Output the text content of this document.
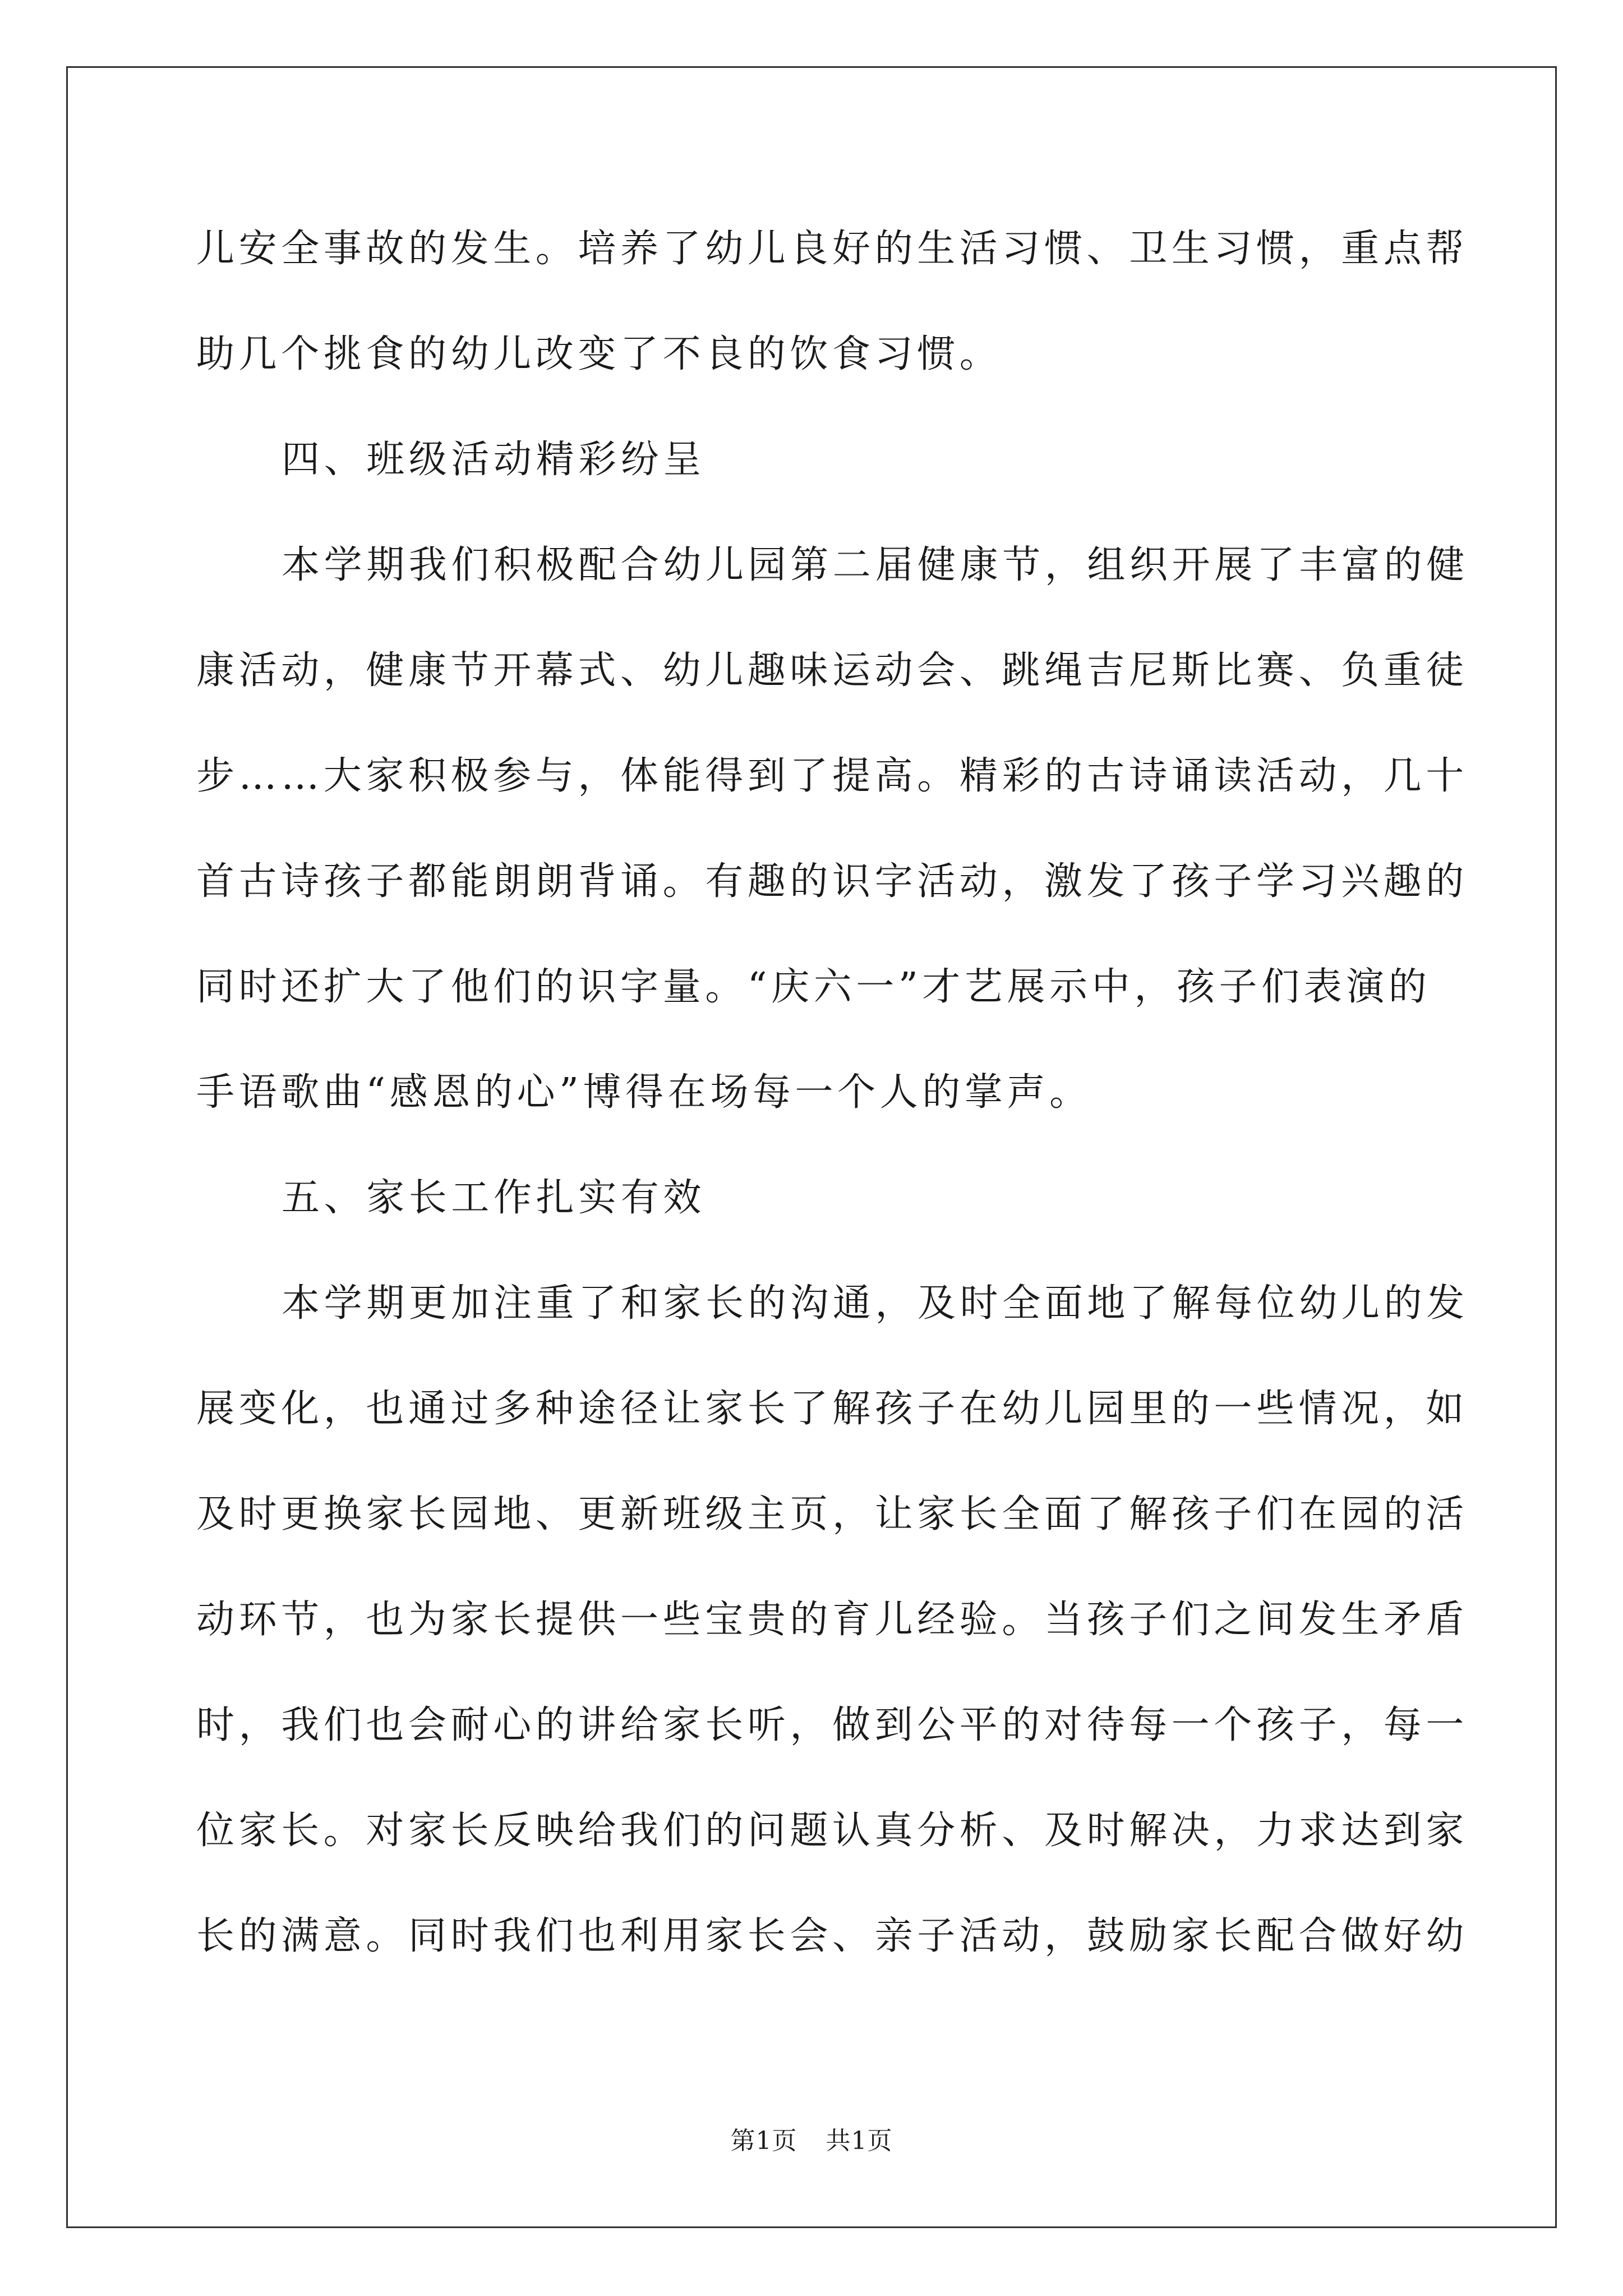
儿安全事故的发生。培养了幼儿良好的生活习惯、卫生习惯，重点帮
助几个挑食的幼儿改变了不良的饮食习惯。
四、班级活动精彩纷呈
本学期我们积极配合幼儿园第二届健康节，组织开展了丰富的健
康活动，健康节开幕式、幼儿趣味运动会、跳绳吉尼斯比赛、负重徒
步……大家积极参与，体能得到了提高。精彩的古诗诵读活动，几十
首古诗孩子都能朗朗背诵。有趣的识字活动，激发了孩子学习兴趣的
同时还扩大了他们的识字量。“庆六一”才艺展示中，孩子们表演的
手语歌曲“感恩的心”博得在场每一个人的掌声。
五、家长工作扎实有效
本学期更加注重了和家长的沟通，及时全面地了解每位幼儿的发
展变化，也通过多种途径让家长了解孩子在幼儿园里的一些情况，如
及时更换家长园地、更新班级主页，让家长全面了解孩子们在园的活
动环节，也为家长提供一些宝贵的育儿经验。当孩子们之间发生矛盾
时，我们也会耐心的讲给家长听，做到公平的对待每一个孩子，每一
位家长。对家长反映给我们的问题认真分析、及时解决，力求达到家
长的满意。同时我们也利用家长会、亲子活动，鼓励家长配合做好幼
第1页 共1页
